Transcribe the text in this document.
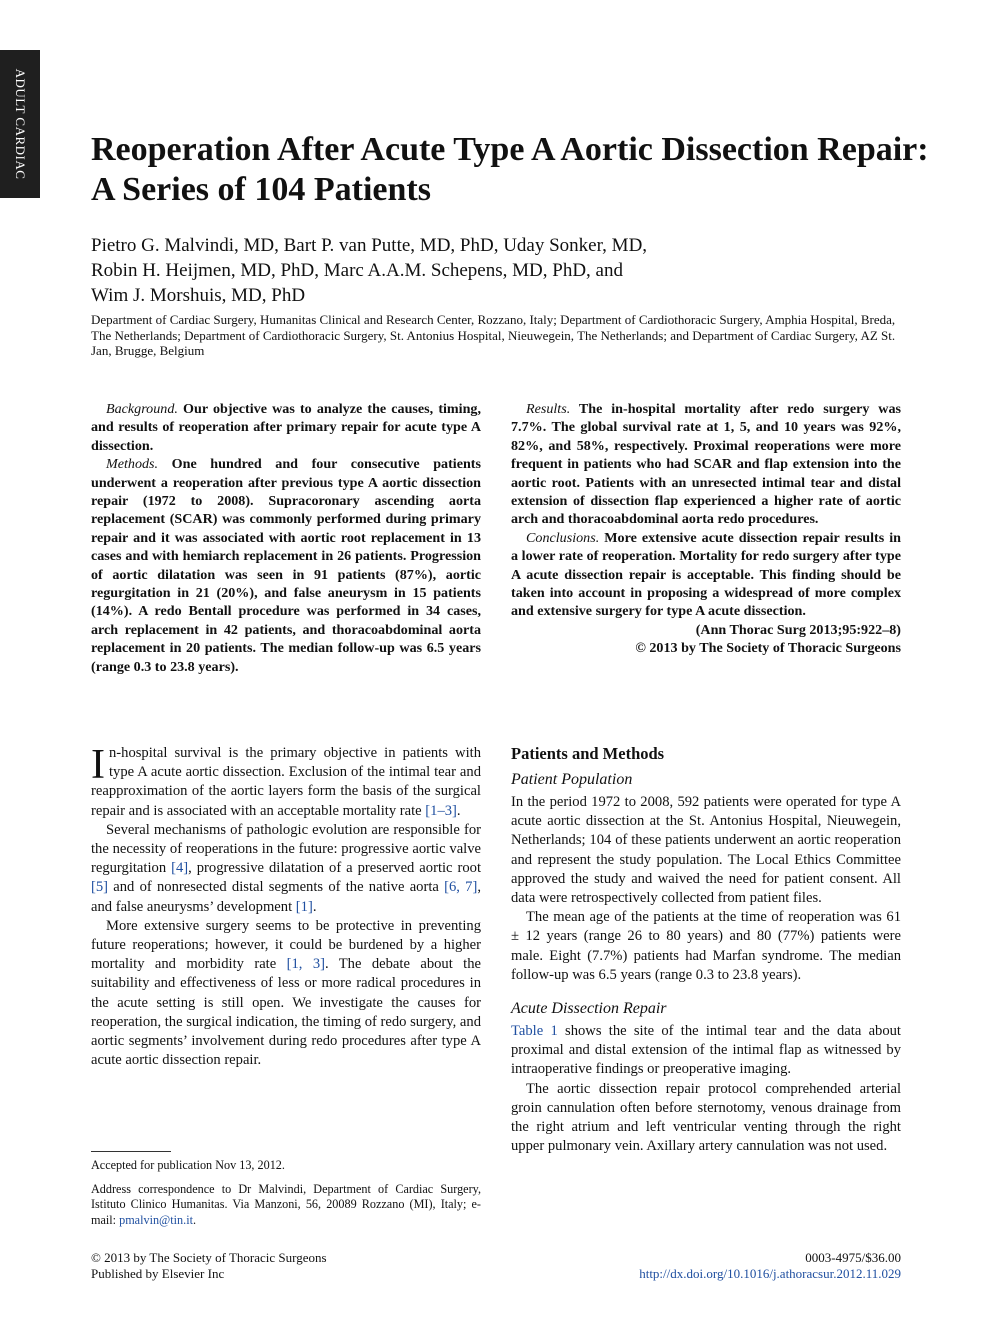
ADULT CARDIAC Reoperation After Acute Type A Aortic Dissection Repair: A Series of 104 Patients
Pietro G. Malvindi, MD, Bart P. van Putte, MD, PhD, Uday Sonker, MD,
Robin H. Heijmen, MD, PhD, Marc A.A.M. Schepens, MD, PhD, and
Wim J. Morshuis, MD, PhD

Department of Cardiac Surgery, Humanitas Clinical and Research Center, Rozzano, Italy; Department of Cardiothoracic Surgery, Amphia Hospital, Breda, The Netherlands; Department of Cardiothoracic Surgery, St. Antonius Hospital, Nieuwegein, The Netherlands; and Department of Cardiac Surgery, AZ St. Jan, Brugge, Belgium

Background. Our objective was to analyze the causes, timing, and results of reoperation after primary repair for acute type A dissection.

Methods. One hundred and four consecutive patients underwent a reoperation after previous type A aortic dissection repair (1972 to 2008). Supracoronary ascending aorta replacement (SCAR) was commonly performed during primary repair and it was associated with aortic root replacement in 13 cases and with hemiarch replacement in 26 patients. Progression of aortic dilatation was seen in 91 patients (87%), aortic regurgitation in 21 (20%), and false aneurysm in 15 patients (14%). A redo Bentall procedure was performed in 34 cases, arch replacement in 42 patients, and thoracoabdominal aorta replacement in 20 patients. The median follow-up was 6.5 years (range 0.3 to 23.8 years).

Results. The in-hospital mortality after redo surgery was 7.7%. The global survival rate at 1, 5, and 10 years was 92%, 82%, and 58%, respectively. Proximal reoperations were more frequent in patients who had SCAR and flap extension into the aortic root. Patients with an unresected intimal tear and distal extension of dissection flap experienced a higher rate of aortic arch and thoracoabdominal aorta redo procedures.

Conclusions. More extensive acute dissection repair results in a lower rate of reoperation. Mortality for redo surgery after type A acute dissection repair is acceptable. This finding should be taken into account in proposing a widespread of more complex and extensive surgery for type A acute dissection.

(Ann Thorac Surg 2013;95:922–8)

© 2013 by The Society of Thoracic Surgeons

In-hospital survival is the primary objective in patients with type A acute aortic dissection. Exclusion of the intimal tear and reapproximation of the aortic layers form the basis of the surgical repair and is associated with an acceptable mortality rate [1–3].

Several mechanisms of pathologic evolution are responsible for the necessity of reoperations in the future: progressive aortic valve regurgitation [4], progressive dilatation of a preserved aortic root [5] and of nonresected distal segments of the native aorta [6, 7], and false aneurysms’ development [1].

More extensive surgery seems to be protective in preventing future reoperations; however, it could be burdened by a higher mortality and morbidity rate [1, 3]. The debate about the suitability and effectiveness of less or more radical procedures in the acute setting is still open. We investigate the causes for reoperation, the surgical indication, the timing of redo surgery, and aortic segments’ involvement during redo procedures after type A acute aortic dissection repair.

Patients and Methods
Patient Population

In the period 1972 to 2008, 592 patients were operated for type A acute aortic dissection at the St. Antonius Hospital, Nieuwegein, Netherlands; 104 of these patients underwent an aortic reoperation and represent the study population. The Local Ethics Committee approved the study and waived the need for patient consent. All data were retrospectively collected from patient files.

The mean age of the patients at the time of reoperation was 61 ± 12 years (range 26 to 80 years) and 80 (77%) patients were male. Eight (7.7%) patients had Marfan syndrome. The median follow-up was 6.5 years (range 0.3 to 23.8 years).

Acute Dissection Repair

Table 1 shows the site of the intimal tear and the data about proximal and distal extension of the intimal flap as witnessed by intraoperative findings or preoperative imaging.

The aortic dissection repair protocol comprehended arterial groin cannulation often before sternotomy, venous drainage from the right atrium and left ventricular venting through the right upper pulmonary vein. Axillary artery cannulation was not used.

Accepted for publication Nov 13, 2012.

Address correspondence to Dr Malvindi, Department of Cardiac Surgery, Istituto Clinico Humanitas. Via Manzoni, 56, 20089 Rozzano (MI), Italy; e-mail: pmalvin@tin.it.

© 2013 by The Society of Thoracic Surgeons

Published by Elsevier Inc

0003-4975/$36.00

http://dx.doi.org/10.1016/j.athoracsur.2012.11.029
